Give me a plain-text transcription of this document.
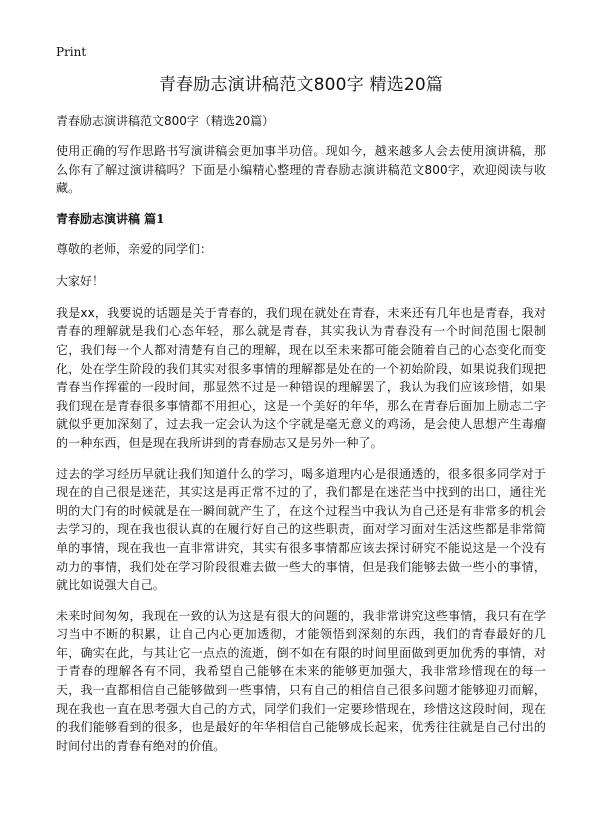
Print
青春励志演讲稿范文800字 精选20篇
青春励志演讲稿范文800字（精选20篇）

使用正确的写作思路书写演讲稿会更加事半功倍。现如今，越来越多人会去使用演讲稿，那么你有了解过演讲稿吗？下面是小编精心整理的青春励志演讲稿范文800字，欢迎阅读与收藏。

青春励志演讲稿 篇1
尊敬的老师，亲爱的同学们：
大家好！

我是xx，我要说的话题是关于青春的，我们现在就处在青春，未来还有几年也是青春，我对青春的理解就是我们心态年轻，那么就是青春，其实我认为青春没有一个时间范围七限制它，我们每一个人都对清楚有自己的理解，现在以至未来都可能会随着自己的心态变化而变化，处在学生阶段的我们其实对很多事情的理解都是处在的一个初始阶段，如果说我们现把青春当作挥霍的一段时间，那显然不过是一种错误的理解罢了，我认为我们应该珍惜，如果我们现在是青春很多事情都不用担心，这是一个美好的年华，那么在青春后面加上励志二字就似乎更加深刻了，过去我一定会认为这个字就是毫无意义的鸡汤，是会使人思想产生毒瘤的一种东西，但是现在我所讲到的青春励志又是另外一种了。

过去的学习经历早就让我们知道什么的学习，喝多道理内心是很通透的，很多很多同学对于现在的自己很是迷茫，其实这是再正常不过的了，我们都是在迷茫当中找到的出口，通往光明的大门有的时候就是在一瞬间就产生了，在这个过程当中我认为自己还是有非常多的机会去学习的，现在我也很认真的在履行好自己的这些职责，面对学习面对生活这些都是非常简单的事情，现在我也一直非常讲究，其实有很多事情都应该去探讨研究不能说这是一个没有动力的事情，我们处在学习阶段很难去做一些大的事情，但是我们能够去做一些小的事情，就比如说强大自己。

未来时间匆匆，我现在一致的认为这是有很大的问题的，我非常讲究这些事情，我只有在学习当中不断的积累，让自己内心更加透彻，才能领悟到深刻的东西，我们的青春最好的几年，确实在此，与其让它一点点的流逝，倒不如在有限的时间里面做到更加优秀的事情，对于青春的理解各有不同，我希望自己能够在未来的能够更加强大，我非常珍惜现在的每一天，我一直都相信自己能够做到一些事情，只有自己的相信自己很多问题才能够迎刃而解，现在我也一直在思考强大自己的方式，同学们我们一定要珍惜现在，珍惜这这段时间，现在的我们能够看到的很多，也是最好的年华相信自己能够成长起来，优秀往往就是自己付出的时间付出的青春有绝对的价值。
